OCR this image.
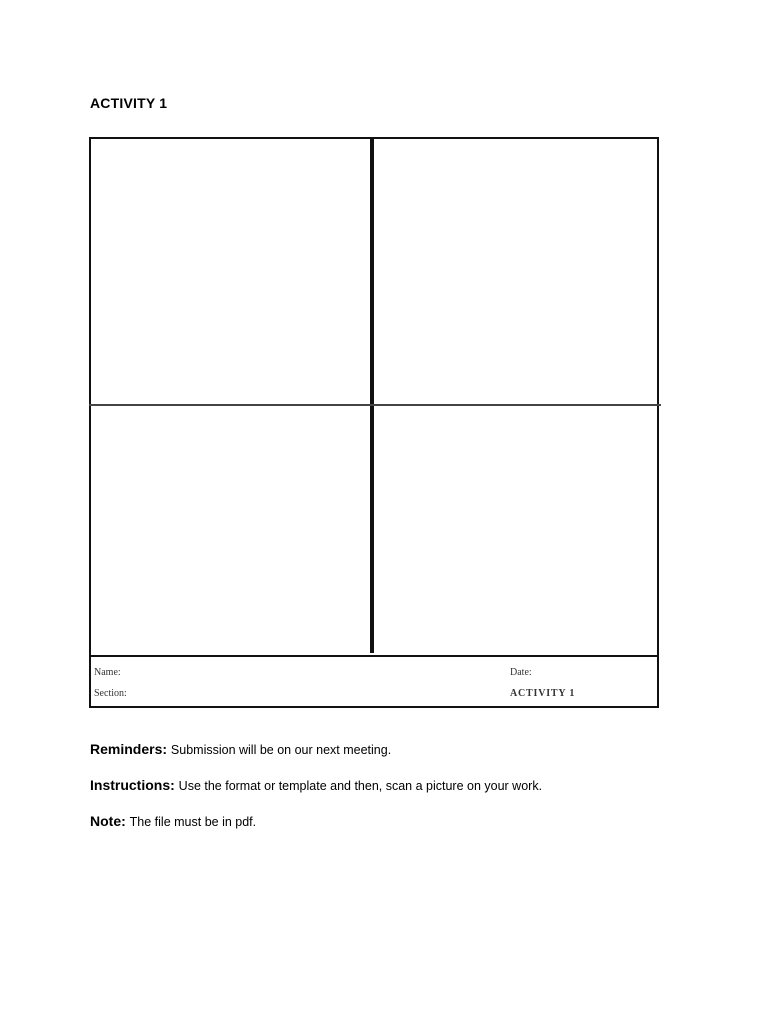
ACTIVITY 1
Name:
Section:
Date:
ACTIVITY 1

Reminders: Submission will be on our next meeting.

Instructions: Use the format or template and then, scan a picture on your work.

Note: The file must be in pdf.
